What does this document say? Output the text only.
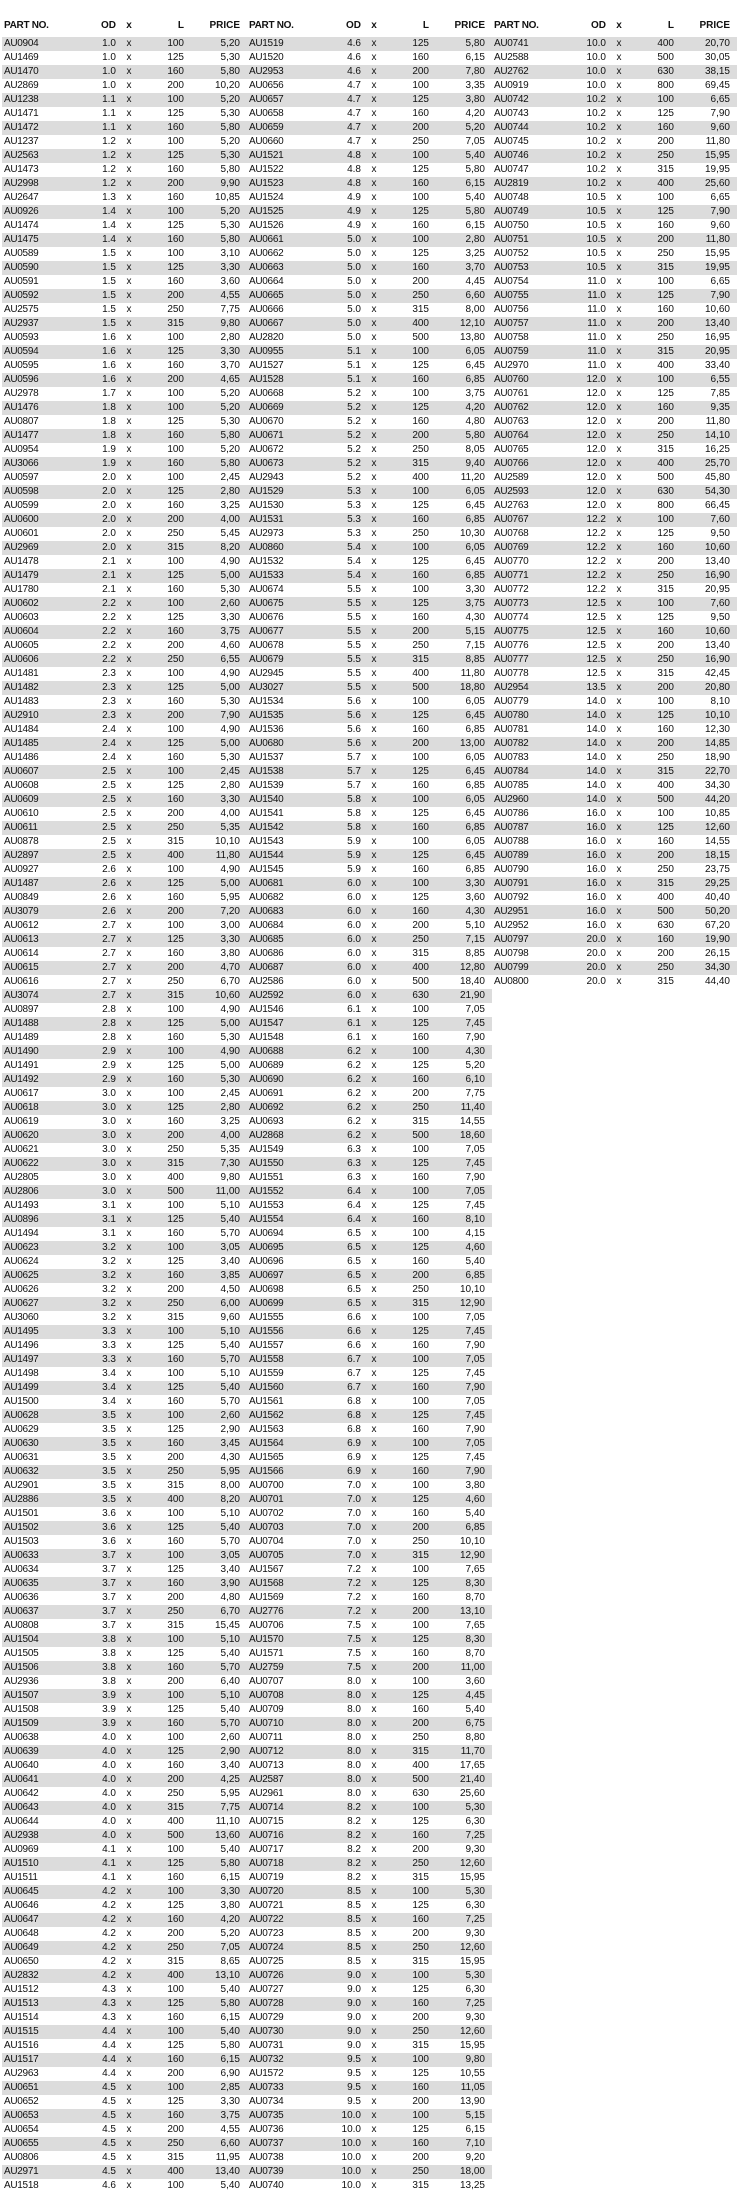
PART NO.	OD	x	L	PRICE
AU0904	1.0	x	100	5,20
AU1469	1.0	x	125	5,30
AU1470	1.0	x	160	5,80
AU2869	1.0	x	200	10,20
AU1238	1.1	x	100	5,20
AU1471	1.1	x	125	5,30
AU1472	1.1	x	160	5,80
AU1237	1.2	x	100	5,20
AU2563	1.2	x	125	5,30
AU1473	1.2	x	160	5,80
AU2998	1.2	x	200	9,90
AU2647	1.3	x	160	10,85
AU0926	1.4	x	100	5,20
AU1474	1.4	x	125	5,30
AU1475	1.4	x	160	5,80
AU0589	1.5	x	100	3,10
AU0590	1.5	x	125	3,30
AU0591	1.5	x	160	3,60
AU0592	1.5	x	200	4,55
AU2575	1.5	x	250	7,75
AU2937	1.5	x	315	9,80
AU0593	1.6	x	100	2,80
AU0594	1.6	x	125	3,30
AU0595	1.6	x	160	3,70
AU0596	1.6	x	200	4,65
AU2978	1.7	x	100	5,20
AU1476	1.8	x	100	5,20
AU0807	1.8	x	125	5,30
AU1477	1.8	x	160	5,80
AU0954	1.9	x	100	5,20
AU3066	1.9	x	160	5,80
AU0597	2.0	x	100	2,45
AU0598	2.0	x	125	2,80
AU0599	2.0	x	160	3,25
AU0600	2.0	x	200	4,00
AU0601	2.0	x	250	5,45
AU2969	2.0	x	315	8,20
AU1478	2.1	x	100	4,90
AU1479	2.1	x	125	5,00
AU1780	2.1	x	160	5,30
AU0602	2.2	x	100	2,60
AU0603	2.2	x	125	3,30
AU0604	2.2	x	160	3,75
AU0605	2.2	x	200	4,60
AU0606	2.2	x	250	6,55
AU1481	2.3	x	100	4,90
AU1482	2.3	x	125	5,00
AU1483	2.3	x	160	5,30
AU2910	2.3	x	200	7,90
AU1484	2.4	x	100	4,90
AU1485	2.4	x	125	5,00
AU1486	2.4	x	160	5,30
AU0607	2.5	x	100	2,45
AU0608	2.5	x	125	2,80
AU0609	2.5	x	160	3,30
AU0610	2.5	x	200	4,00
AU0611	2.5	x	250	5,35
AU0878	2.5	x	315	10,10
AU2897	2.5	x	400	11,80
AU0927	2.6	x	100	4,90
AU1487	2.6	x	125	5,00
AU0849	2.6	x	160	5,95
AU3079	2.6	x	200	7,20
AU0612	2.7	x	100	3,00
AU0613	2.7	x	125	3,30
AU0614	2.7	x	160	3,80
AU0615	2.7	x	200	4,70
AU0616	2.7	x	250	6,70
AU3074	2.7	x	315	10,60
AU0897	2.8	x	100	4,90
AU1488	2.8	x	125	5,00
AU1489	2.8	x	160	5,30
AU1490	2.9	x	100	4,90
AU1491	2.9	x	125	5,00
AU1492	2.9	x	160	5,30
AU0617	3.0	x	100	2,45
AU0618	3.0	x	125	2,80
AU0619	3.0	x	160	3,25
AU0620	3.0	x	200	4,00
AU0621	3.0	x	250	5,35
AU0622	3.0	x	315	7,30
AU2805	3.0	x	400	9,80
AU2806	3.0	x	500	11,00
AU1493	3.1	x	100	5,10
AU0896	3.1	x	125	5,40
AU1494	3.1	x	160	5,70
AU0623	3.2	x	100	3,05
AU0624	3.2	x	125	3,40
AU0625	3.2	x	160	3,85
AU0626	3.2	x	200	4,50
AU0627	3.2	x	250	6,00
AU3060	3.2	x	315	9,60
AU1495	3.3	x	100	5,10
AU1496	3.3	x	125	5,40
AU1497	3.3	x	160	5,70
AU1498	3.4	x	100	5,10
AU1499	3.4	x	125	5,40
AU1500	3.4	x	160	5,70
AU0628	3.5	x	100	2,60
AU0629	3.5	x	125	2,90
AU0630	3.5	x	160	3,45
AU0631	3.5	x	200	4,30
AU0632	3.5	x	250	5,95
AU2901	3.5	x	315	8,00
AU2886	3.5	x	400	8,20
AU1501	3.6	x	100	5,10
AU1502	3.6	x	125	5,40
AU1503	3.6	x	160	5,70
AU0633	3.7	x	100	3,05
AU0634	3.7	x	125	3,40
AU0635	3.7	x	160	3,90
AU0636	3.7	x	200	4,80
AU0637	3.7	x	250	6,70
AU0808	3.7	x	315	15,45
AU1504	3.8	x	100	5,10
AU1505	3.8	x	125	5,40
AU1506	3.8	x	160	5,70
AU2936	3.8	x	200	6,40
AU1507	3.9	x	100	5,10
AU1508	3.9	x	125	5,40
AU1509	3.9	x	160	5,70
AU0638	4.0	x	100	2,60
AU0639	4.0	x	125	2,90
AU0640	4.0	x	160	3,40
AU0641	4.0	x	200	4,25
AU0642	4.0	x	250	5,95
AU0643	4.0	x	315	7,75
AU0644	4.0	x	400	11,10
AU2938	4.0	x	500	13,60
AU0969	4.1	x	100	5,40
AU1510	4.1	x	125	5,80
AU1511	4.1	x	160	6,15
AU0645	4.2	x	100	3,30
AU0646	4.2	x	125	3,80
AU0647	4.2	x	160	4,20
AU0648	4.2	x	200	5,20
AU0649	4.2	x	250	7,05
AU0650	4.2	x	315	8,65
AU2832	4.2	x	400	13,10
AU1512	4.3	x	100	5,40
AU1513	4.3	x	125	5,80
AU1514	4.3	x	160	6,15
AU1515	4.4	x	100	5,40
AU1516	4.4	x	125	5,80
AU1517	4.4	x	160	6,15
AU2963	4.4	x	200	6,90
AU0651	4.5	x	100	2,85
AU0652	4.5	x	125	3,30
AU0653	4.5	x	160	3,75
AU0654	4.5	x	200	4,55
AU0655	4.5	x	250	6,60
AU0806	4.5	x	315	11,95
AU2971	4.5	x	400	13,40
AU1518	4.6	x	100	5,40
PART NO.	OD	x	L	PRICE
AU1519	4.6	x	125	5,80
AU1520	4.6	x	160	6,15
AU2953	4.6	x	200	7,80
AU0656	4.7	x	100	3,35
AU0657	4.7	x	125	3,80
AU0658	4.7	x	160	4,20
AU0659	4.7	x	200	5,20
AU0660	4.7	x	250	7,05
AU1521	4.8	x	100	5,40
AU1522	4.8	x	125	5,80
AU1523	4.8	x	160	6,15
AU1524	4.9	x	100	5,40
AU1525	4.9	x	125	5,80
AU1526	4.9	x	160	6,15
AU0661	5.0	x	100	2,80
AU0662	5.0	x	125	3,25
AU0663	5.0	x	160	3,70
AU0664	5.0	x	200	4,45
AU0665	5.0	x	250	6,60
AU0666	5.0	x	315	8,00
AU0667	5.0	x	400	12,10
AU2820	5.0	x	500	13,80
AU0955	5.1	x	100	6,05
AU1527	5.1	x	125	6,45
AU1528	5.1	x	160	6,85
AU0668	5.2	x	100	3,75
AU0669	5.2	x	125	4,20
AU0670	5.2	x	160	4,80
AU0671	5.2	x	200	5,80
AU0672	5.2	x	250	8,05
AU0673	5.2	x	315	9,40
AU2943	5.2	x	400	11,20
AU1529	5.3	x	100	6,05
AU1530	5.3	x	125	6,45
AU1531	5.3	x	160	6,85
AU2973	5.3	x	250	10,30
AU0860	5.4	x	100	6,05
AU1532	5.4	x	125	6,45
AU1533	5.4	x	160	6,85
AU0674	5.5	x	100	3,30
AU0675	5.5	x	125	3,75
AU0676	5.5	x	160	4,30
AU0677	5.5	x	200	5,15
AU0678	5.5	x	250	7,15
AU0679	5.5	x	315	8,85
AU2945	5.5	x	400	11,80
AU3027	5.5	x	500	18,80
AU1534	5.6	x	100	6,05
AU1535	5.6	x	125	6,45
AU1536	5.6	x	160	6,85
AU0680	5.6	x	200	13,00
AU1537	5.7	x	100	6,05
AU1538	5.7	x	125	6,45
AU1539	5.7	x	160	6,85
AU1540	5.8	x	100	6,05
AU1541	5.8	x	125	6,45
AU1542	5.8	x	160	6,85
AU1543	5.9	x	100	6,05
AU1544	5.9	x	125	6,45
AU1545	5.9	x	160	6,85
AU0681	6.0	x	100	3,30
AU0682	6.0	x	125	3,60
AU0683	6.0	x	160	4,30
AU0684	6.0	x	200	5,10
AU0685	6.0	x	250	7,15
AU0686	6.0	x	315	8,85
AU0687	6.0	x	400	12,80
AU2586	6.0	x	500	18,40
AU2592	6.0	x	630	21,90
AU1546	6.1	x	100	7,05
AU1547	6.1	x	125	7,45
AU1548	6.1	x	160	7,90
AU0688	6.2	x	100	4,30
AU0689	6.2	x	125	5,20
AU0690	6.2	x	160	6,10
AU0691	6.2	x	200	7,75
AU0692	6.2	x	250	11,40
AU0693	6.2	x	315	14,55
AU2868	6.2	x	500	18,60
AU1549	6.3	x	100	7,05
AU1550	6.3	x	125	7,45
AU1551	6.3	x	160	7,90
AU1552	6.4	x	100	7,05
AU1553	6.4	x	125	7,45
AU1554	6.4	x	160	8,10
AU0694	6.5	x	100	4,15
AU0695	6.5	x	125	4,60
AU0696	6.5	x	160	5,40
AU0697	6.5	x	200	6,85
AU0698	6.5	x	250	10,10
AU0699	6.5	x	315	12,90
AU1555	6.6	x	100	7,05
AU1556	6.6	x	125	7,45
AU1557	6.6	x	160	7,90
AU1558	6.7	x	100	7,05
AU1559	6.7	x	125	7,45
AU1560	6.7	x	160	7,90
AU1561	6.8	x	100	7,05
AU1562	6.8	x	125	7,45
AU1563	6.8	x	160	7,90
AU1564	6.9	x	100	7,05
AU1565	6.9	x	125	7,45
AU1566	6.9	x	160	7,90
AU0700	7.0	x	100	3,80
AU0701	7.0	x	125	4,60
AU0702	7.0	x	160	5,40
AU0703	7.0	x	200	6,85
AU0704	7.0	x	250	10,10
AU0705	7.0	x	315	12,90
AU1567	7.2	x	100	7,65
AU1568	7.2	x	125	8,30
AU1569	7.2	x	160	8,70
AU2776	7.2	x	200	13,10
AU0706	7.5	x	100	7,65
AU1570	7.5	x	125	8,30
AU1571	7.5	x	160	8,70
AU2759	7.5	x	200	11,00
AU0707	8.0	x	100	3,60
AU0708	8.0	x	125	4,45
AU0709	8.0	x	160	5,40
AU0710	8.0	x	200	6,75
AU0711	8.0	x	250	8,80
AU0712	8.0	x	315	11,70
AU0713	8.0	x	400	17,65
AU2587	8.0	x	500	21,40
AU2961	8.0	x	630	25,60
AU0714	8.2	x	100	5,30
AU0715	8.2	x	125	6,30
AU0716	8.2	x	160	7,25
AU0717	8.2	x	200	9,30
AU0718	8.2	x	250	12,60
AU0719	8.2	x	315	15,95
AU0720	8.5	x	100	5,30
AU0721	8.5	x	125	6,30
AU0722	8.5	x	160	7,25
AU0723	8.5	x	200	9,30
AU0724	8.5	x	250	12,60
AU0725	8.5	x	315	15,95
AU0726	9.0	x	100	5,30
AU0727	9.0	x	125	6,30
AU0728	9.0	x	160	7,25
AU0729	9.0	x	200	9,30
AU0730	9.0	x	250	12,60
AU0731	9.0	x	315	15,95
AU0732	9.5	x	100	9,80
AU1572	9.5	x	125	10,55
AU0733	9.5	x	160	11,05
AU0734	9.5	x	200	13,90
AU0735	10.0	x	100	5,15
AU0736	10.0	x	125	6,15
AU0737	10.0	x	160	7,10
AU0738	10.0	x	200	9,20
AU0739	10.0	x	250	18,00
AU0740	10.0	x	315	13,25
PART NO.	OD	x	L	PRICE
AU0741	10.0	x	400	20,70
AU2588	10.0	x	500	30,05
AU2762	10.0	x	630	38,15
AU0919	10.0	x	800	69,45
AU0742	10.2	x	100	6,65
AU0743	10.2	x	125	7,90
AU0744	10.2	x	160	9,60
AU0745	10.2	x	200	11,80
AU0746	10.2	x	250	15,95
AU0747	10.2	x	315	19,95
AU2819	10.2	x	400	25,60
AU0748	10.5	x	100	6,65
AU0749	10.5	x	125	7,90
AU0750	10.5	x	160	9,60
AU0751	10.5	x	200	11,80
AU0752	10.5	x	250	15,95
AU0753	10.5	x	315	19,95
AU0754	11.0	x	100	6,65
AU0755	11.0	x	125	7,90
AU0756	11.0	x	160	10,60
AU0757	11.0	x	200	13,40
AU0758	11.0	x	250	16,95
AU0759	11.0	x	315	20,95
AU2970	11.0	x	400	33,40
AU0760	12.0	x	100	6,55
AU0761	12.0	x	125	7,85
AU0762	12.0	x	160	9,35
AU0763	12.0	x	200	11,80
AU0764	12.0	x	250	14,10
AU0765	12.0	x	315	16,25
AU0766	12.0	x	400	25,70
AU2589	12.0	x	500	45,80
AU2593	12.0	x	630	54,30
AU2763	12.0	x	800	66,45
AU0767	12.2	x	100	7,60
AU0768	12.2	x	125	9,50
AU0769	12.2	x	160	10,60
AU0770	12.2	x	200	13,40
AU0771	12.2	x	250	16,90
AU0772	12.2	x	315	20,95
AU0773	12.5	x	100	7,60
AU0774	12.5	x	125	9,50
AU0775	12.5	x	160	10,60
AU0776	12.5	x	200	13,40
AU0777	12.5	x	250	16,90
AU0778	12.5	x	315	42,45
AU2954	13.5	x	200	20,80
AU0779	14.0	x	100	8,10
AU0780	14.0	x	125	10,10
AU0781	14.0	x	160	12,30
AU0782	14.0	x	200	14,85
AU0783	14.0	x	250	18,90
AU0784	14.0	x	315	22,70
AU0785	14.0	x	400	34,30
AU2960	14.0	x	500	44,20
AU0786	16.0	x	100	10,85
AU0787	16.0	x	125	12,60
AU0788	16.0	x	160	14,55
AU0789	16.0	x	200	18,15
AU0790	16.0	x	250	23,75
AU0791	16.0	x	315	29,25
AU0792	16.0	x	400	40,40
AU2951	16.0	x	500	50,20
AU2952	16.0	x	630	67,20
AU0797	20.0	x	160	19,90
AU0798	20.0	x	200	26,15
AU0799	20.0	x	250	34,30
AU0800	20.0	x	315	44,40
